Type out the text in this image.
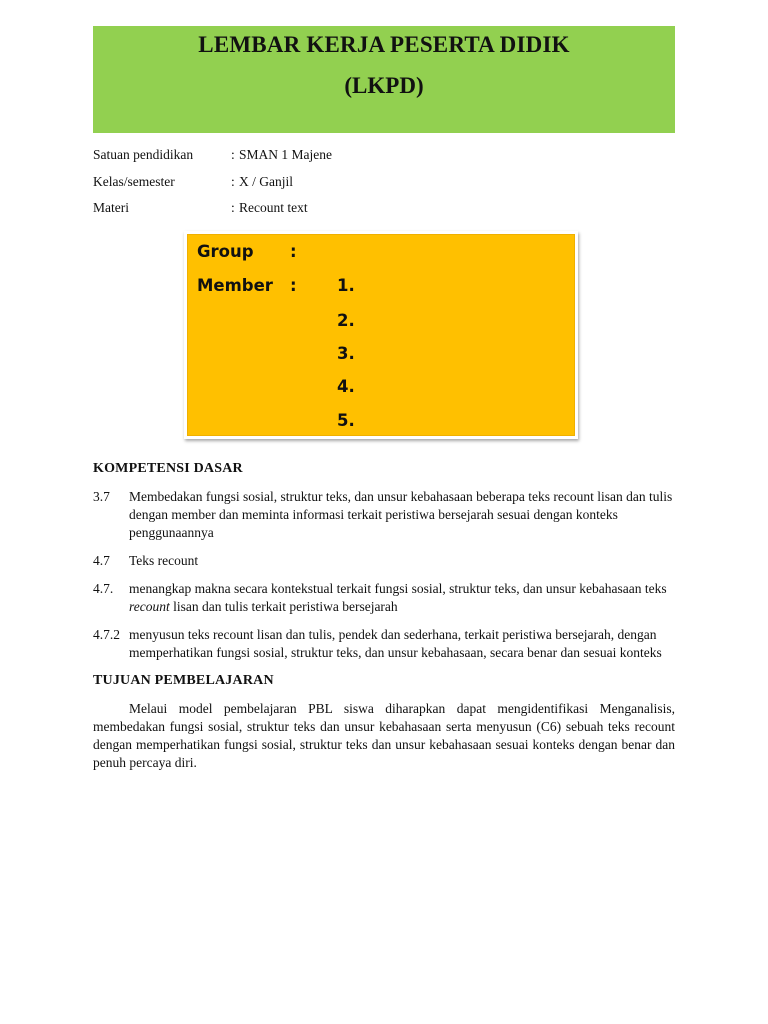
LEMBAR KERJA PESERTA DIDIK
(LKPD)
Satuan pendidikan	: SMAN 1 Majene
Kelas/semester	: X / Ganjil
Materi	: Recount text
Group :
Member : 1.
2.
3.
4.
5.
KOMPETENSI DASAR
3.7	Membedakan fungsi sosial, struktur teks, dan unsur kebahasaan beberapa teks recount lisan dan tulis dengan member dan meminta informasi terkait peristiwa bersejarah sesuai dengan konteks penggunaannya
4.7	Teks recount
4.7.	menangkap makna secara kontekstual terkait fungsi sosial, struktur teks, dan unsur kebahasaan teks recount lisan dan tulis terkait peristiwa bersejarah
4.7.2 menyusun teks recount lisan dan tulis, pendek dan sederhana, terkait peristiwa bersejarah, dengan memperhatikan fungsi sosial, struktur teks, dan unsur kebahasaan, secara benar dan sesuai konteks
TUJUAN PEMBELAJARAN
Melaui model pembelajaran PBL siswa diharapkan dapat mengidentifikasi Menganalisis, membedakan fungsi sosial, struktur teks dan unsur kebahasaan serta menyusun (C6) sebuah teks recount dengan memperhatikan fungsi sosial, struktur teks dan unsur kebahasaan sesuai konteks dengan benar dan penuh percaya diri.
